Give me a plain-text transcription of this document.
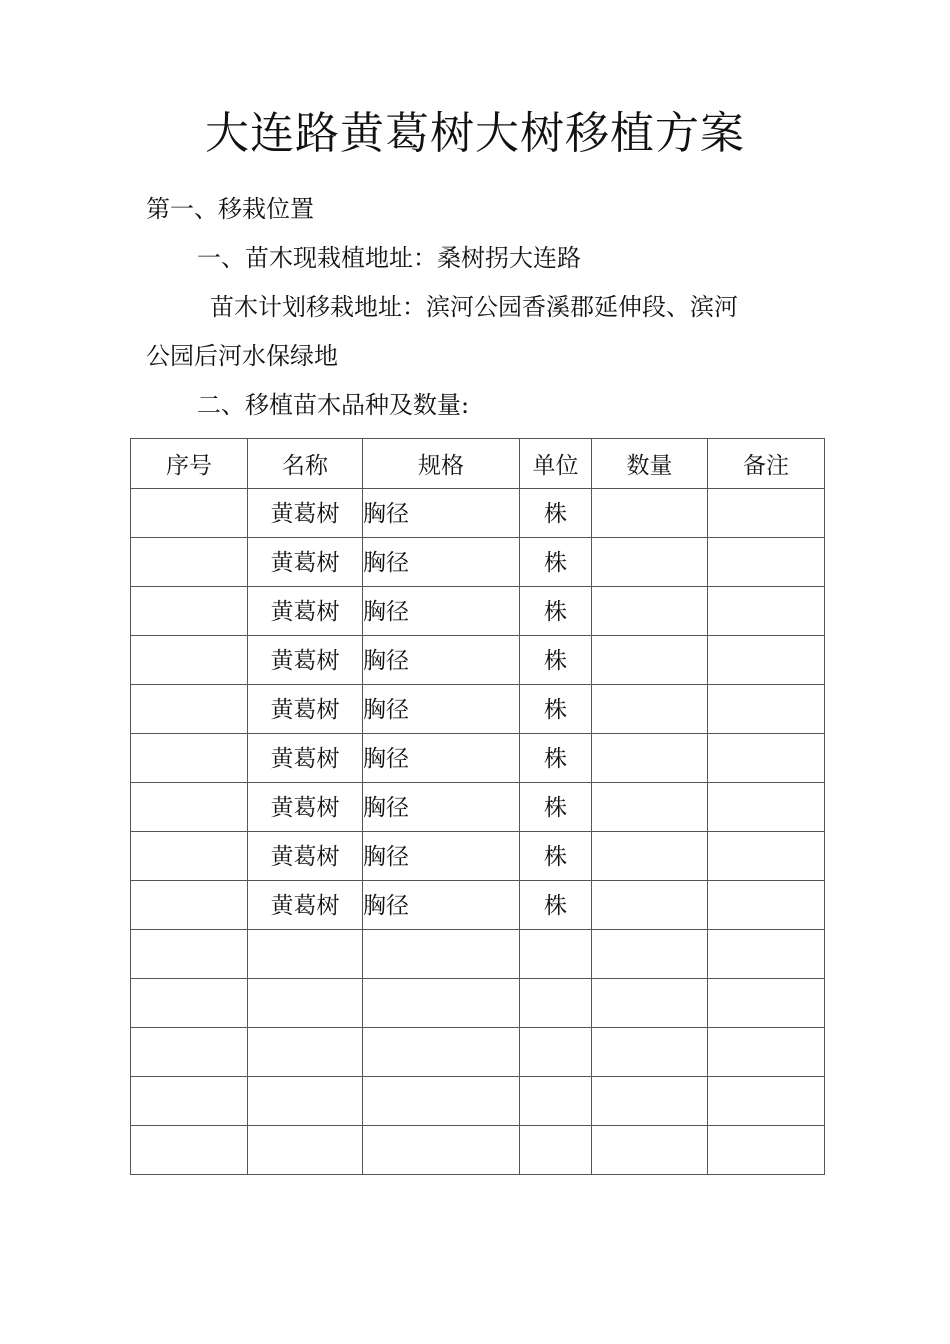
大连路黄葛树大树移植方案
第一、移栽位置
一、苗木现栽植地址：桑树拐大连路
苗木计划移栽地址：滨河公园香溪郡延伸段、滨河
公园后河水保绿地
二、移植苗木品种及数量:
序号	名称	规格	单位	数量	备注
	黄葛树	胸径	株		
	黄葛树	胸径	株		
	黄葛树	胸径	株		
	黄葛树	胸径	株		
	黄葛树	胸径	株		
	黄葛树	胸径	株		
	黄葛树	胸径	株		
	黄葛树	胸径	株		
	黄葛树	胸径	株		
